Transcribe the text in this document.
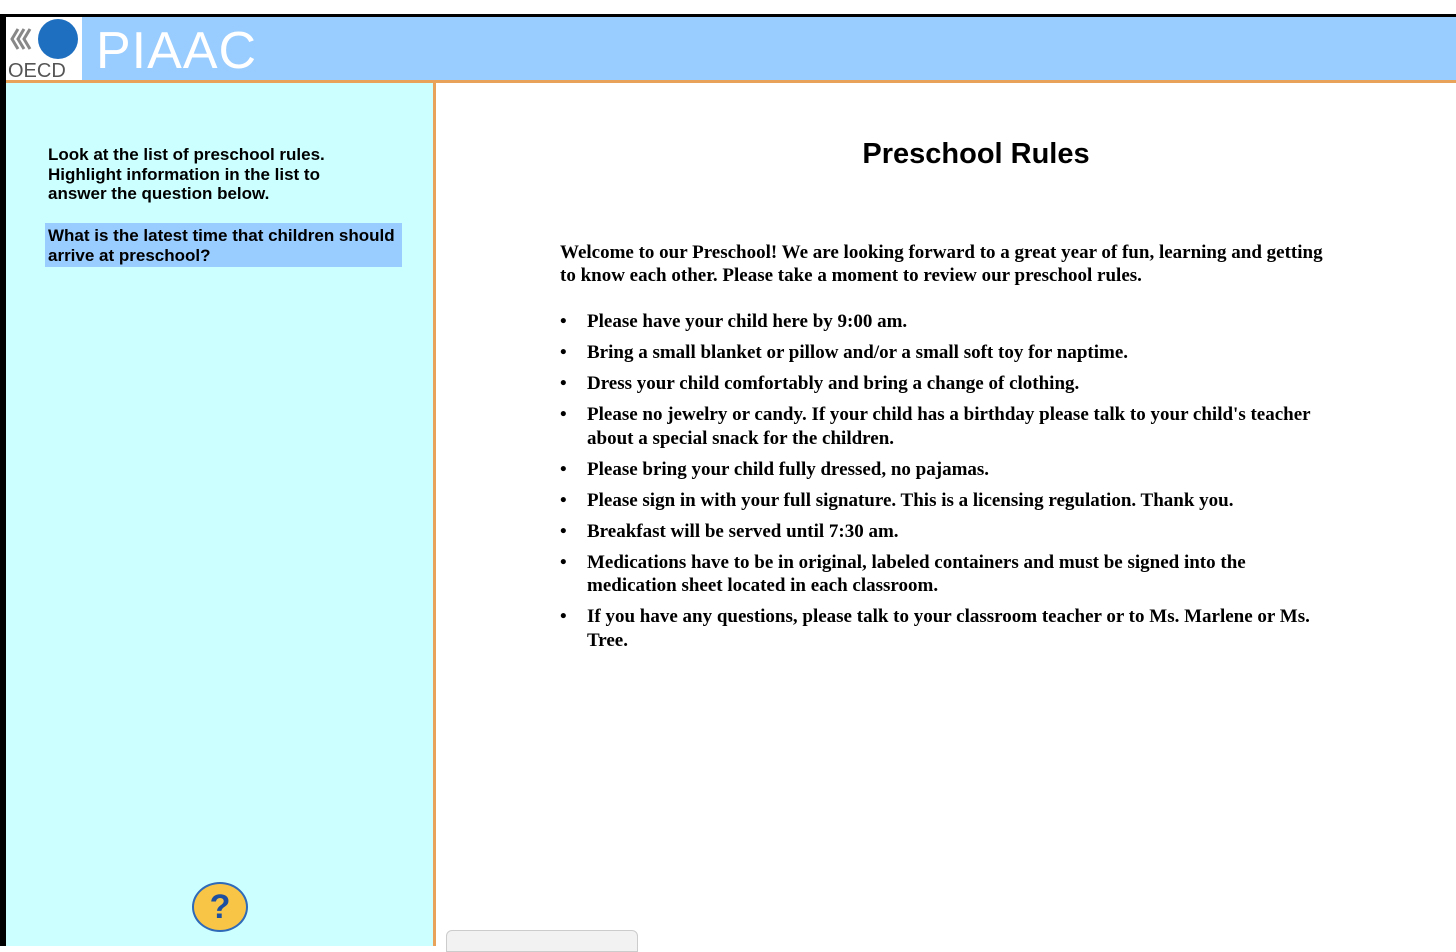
OECD PIAAC
Look at the list of preschool rules. Highlight information in the list to answer the question below.
What is the latest time that children should arrive at preschool?
?
Preschool Rules

Welcome to our Preschool! We are looking forward to a great year of fun, learning and getting to know each other. Please take a moment to review our preschool rules.

• Please have your child here by 9:00 am.
• Bring a small blanket or pillow and/or a small soft toy for naptime.
• Dress your child comfortably and bring a change of clothing.
• Please no jewelry or candy. If your child has a birthday please talk to your child's teacher about a special snack for the children.
• Please bring your child fully dressed, no pajamas.
• Please sign in with your full signature. This is a licensing regulation. Thank you.
• Breakfast will be served until 7:30 am.
• Medications have to be in original, labeled containers and must be signed into the medication sheet located in each classroom.
• If you have any questions, please talk to your classroom teacher or to Ms. Marlene or Ms. Tree.
